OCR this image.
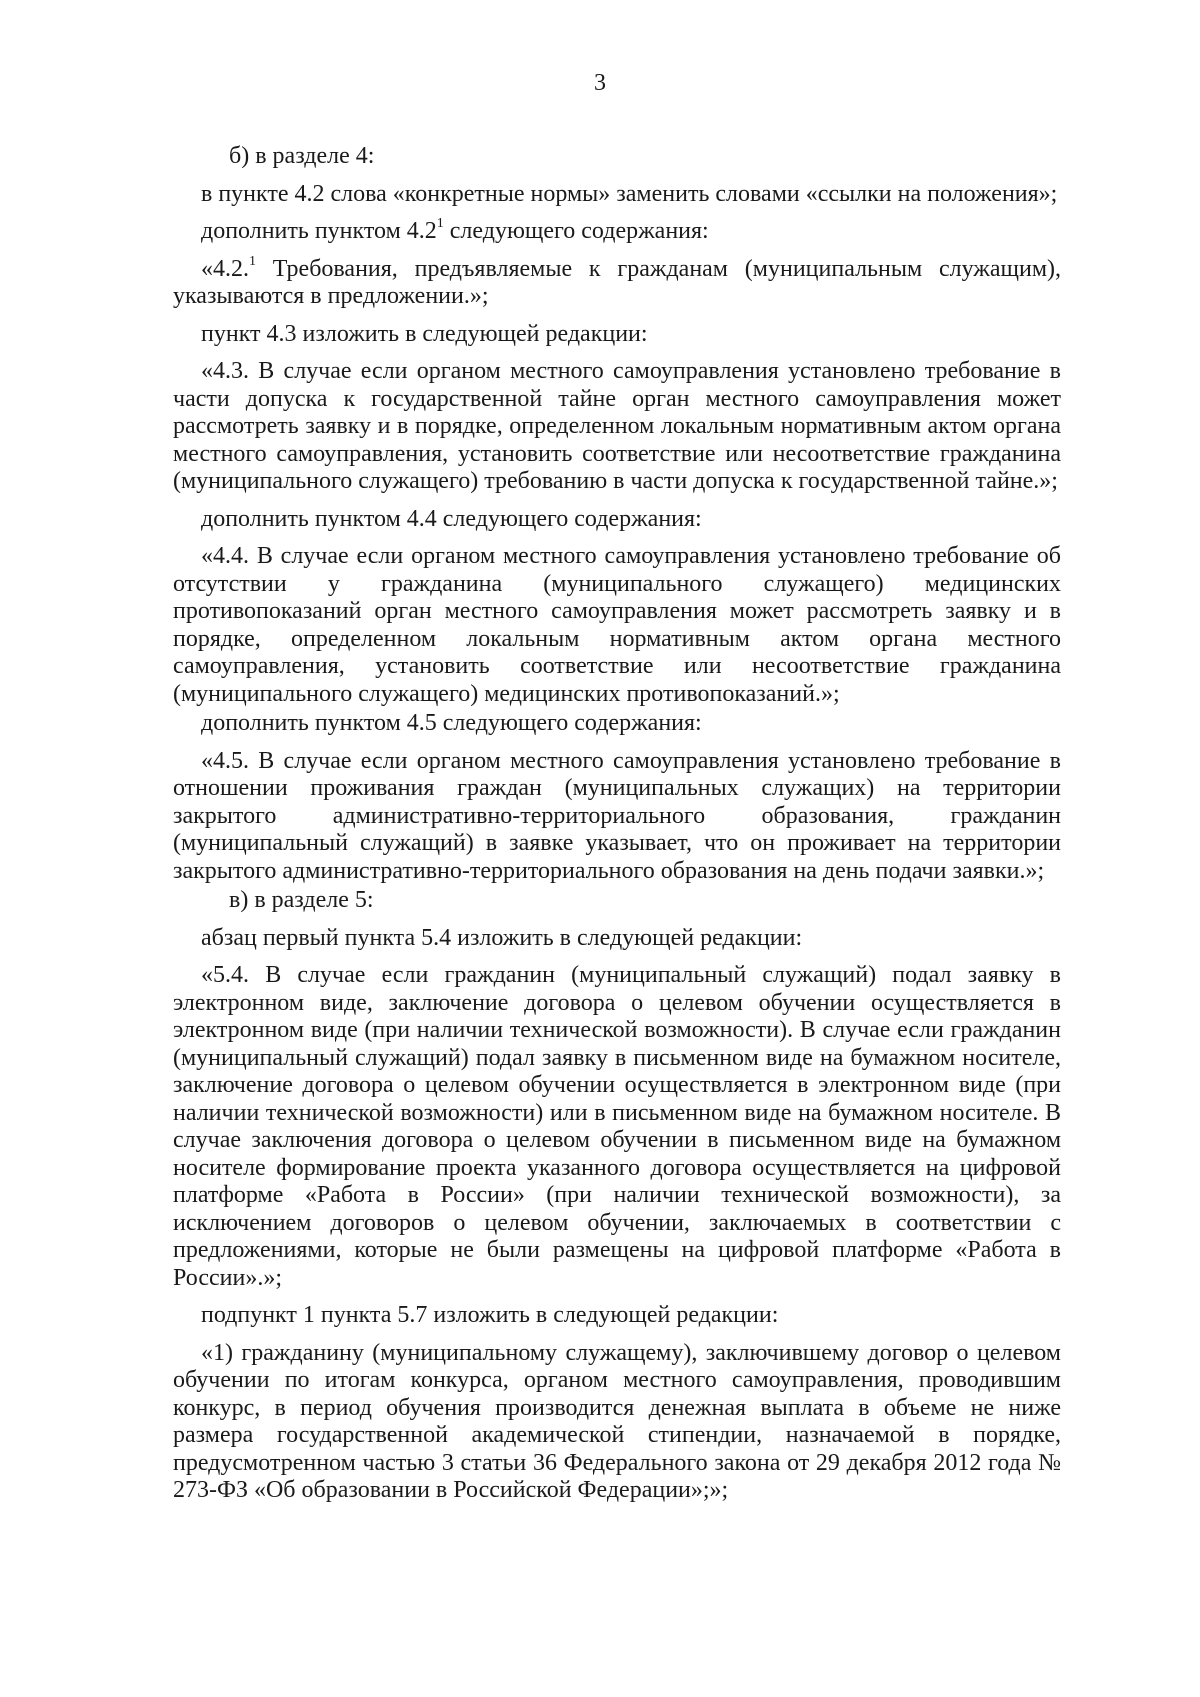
3

б) в разделе 4:

в пункте 4.2 слова «конкретные нормы» заменить словами «ссылки на положения»;

дополнить пунктом $4.2^1$ следующего содержания:

«4.2.$^1$ Требования, предъявляемые к гражданам (муниципальным служащим), указываются в предложении.»;

пункт 4.3 изложить в следующей редакции:

«4.3. В случае если органом местного самоуправления установлено требование в части допуска к государственной тайне орган местного самоуправления может рассмотреть заявку и в порядке, определенном локальным нормативным актом органа местного самоуправления, установить соответствие или несоответствие гражданина (муниципального служащего) требованию в части допуска к государственной тайне.»;

дополнить пунктом 4.4 следующего содержания:

«4.4. В случае если органом местного самоуправления установлено требование об отсутствии у гражданина (муниципального служащего) медицинских противопоказаний орган местного самоуправления может рассмотреть заявку и в порядке, определенном локальным нормативным актом органа местного самоуправления, установить соответствие или несоответствие гражданина (муниципального служащего) медицинских противопоказаний.»;

дополнить пунктом 4.5 следующего содержания:

«4.5. В случае если органом местного самоуправления установлено требование в отношении проживания граждан (муниципальных служащих) на территории закрытого административно-территориального образования, гражданин (муниципальный служащий) в заявке указывает, что он проживает на территории закрытого административно-территориального образования на день подачи заявки.»;

в) в разделе 5:

абзац первый пункта 5.4 изложить в следующей редакции:

«5.4. В случае если гражданин (муниципальный служащий) подал заявку в электронном виде, заключение договора о целевом обучении осуществляется в электронном виде (при наличии технической возможности). В случае если гражданин (муниципальный служащий) подал заявку в письменном виде на бумажном носителе, заключение договора о целевом обучении осуществляется в электронном виде (при наличии технической возможности) или в письменном виде на бумажном носителе. В случае заключения договора о целевом обучении в письменном виде на бумажном носителе формирование проекта указанного договора осуществляется на цифровой платформе «Работа в России» (при наличии технической возможности), за исключением договоров о целевом обучении, заключаемых в соответствии с предложениями, которые не были размещены на цифровой платформе «Работа в России».»;

подпункт 1 пункта 5.7 изложить в следующей редакции:

«1) гражданину (муниципальному служащему), заключившему договор о целевом обучении по итогам конкурса, органом местного самоуправления, проводившим конкурс, в период обучения производится денежная выплата в объеме не ниже размера государственной академической стипендии, назначаемой в порядке, предусмотренном частью 3 статьи 36 Федерального закона от 29 декабря 2012 года № 273-ФЗ «Об образовании в Российской Федерации»;»;
